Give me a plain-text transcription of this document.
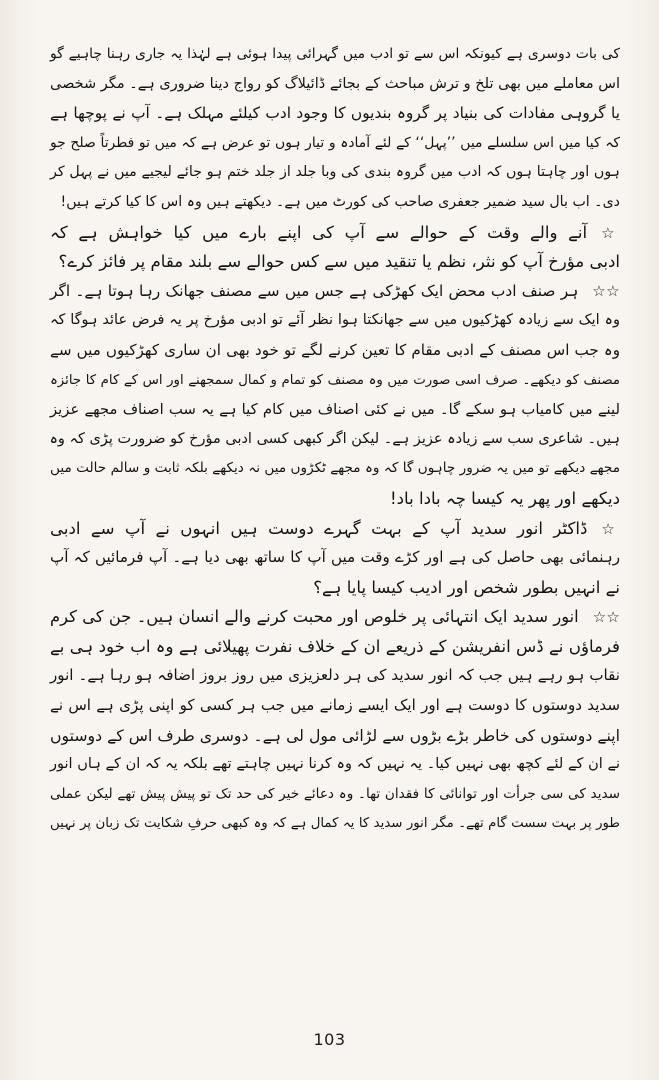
کی بات دوسری ہے کیونکہ اس سے تو ادب میں گہرائی پیدا ہوئی ہے لہٰذا یہ جاری رہنا چاہیے گو
اس معاملے میں بھی تلخ و ترش مباحث کے بجائے ڈائیلاگ کو رواج دینا ضروری ہے۔ مگر شخصی
یا گروہی مفادات کی بنیاد پر گروہ بندیوں کا وجود ادب کیلئے مہلک ہے۔ آپ نے پوچھا ہے
کہ کیا میں اس سلسلے میں ’’پہل‘‘ کے لئے آمادہ و تیار ہوں تو عرض ہے کہ میں تو فطرتاً صلح جو
ہوں اور چاہتا ہوں کہ ادب میں گروہ بندی کی وبا جلد از جلد ختم ہو جائے لیجیے میں نے پہل کر
دی۔ اب بال سید ضمیر جعفری صاحب کی کورٹ میں ہے۔ دیکھتے ہیں وہ اس کا کیا کرتے ہیں!
☆آنے والے وقت کے حوالے سے آپ کی اپنے بارے میں کیا خواہش ہے کہ
ادبی مؤرخ آپ کو نثر، نظم یا تنقید میں سے کس حوالے سے بلند مقام پر فائز کرے؟
☆☆ہر صنف ادب محض ایک کھڑکی ہے جس میں سے مصنف جھانک رہا ہوتا ہے۔ اگر
وہ ایک سے زیادہ کھڑکیوں میں سے جھانکتا ہوا نظر آئے تو ادبی مؤرخ پر یہ فرض عائد ہوگا کہ
وہ جب اس مصنف کے ادبی مقام کا تعین کرنے لگے تو خود بھی ان ساری کھڑکیوں میں سے
مصنف کو دیکھے۔ صرف اسی صورت میں وہ مصنف کو تمام و کمال سمجھنے اور اس کے کام کا جائزہ
لینے میں کامیاب ہو سکے گا۔ میں نے کئی اصناف میں کام کیا ہے یہ سب اصناف مجھے عزیز
ہیں۔ شاعری سب سے زیادہ عزیز ہے۔ لیکن اگر کبھی کسی ادبی مؤرخ کو ضرورت پڑی کہ وہ
مجھے دیکھے تو میں یہ ضرور چاہوں گا کہ وہ مجھے ٹکڑوں میں نہ دیکھے بلکہ ثابت و سالم حالت میں
دیکھے اور پھر یہ کیسا چہ بادا باد!
☆ڈاکٹر انور سدید آپ کے بہت گہرے دوست ہیں انہوں نے آپ سے ادبی
رہنمائی بھی حاصل کی ہے اور کڑے وقت میں آپ کا ساتھ بھی دیا ہے۔ آپ فرمائیں کہ آپ
نے انہیں بطور شخص اور ادیب کیسا پایا ہے؟
☆☆انور سدید ایک انتہائی پر خلوص اور محبت کرنے والے انسان ہیں۔ جن کی کرم
فرماؤں نے ڈس انفریشن کے ذریعے ان کے خلاف نفرت پھیلائی ہے وہ اب خود ہی بے
نقاب ہو رہے ہیں جب کہ انور سدید کی ہر دلعزیزی میں روز بروز اضافہ ہو رہا ہے۔ انور
سدید دوستوں کا دوست ہے اور ایک ایسے زمانے میں جب ہر کسی کو اپنی پڑی ہے اس نے
اپنے دوستوں کی خاطر بڑے بڑوں سے لڑائی مول لی ہے۔ دوسری طرف اس کے دوستوں
نے ان کے لئے کچھ بھی نہیں کیا۔ یہ نہیں کہ وہ کرنا نہیں چاہتے تھے بلکہ یہ کہ ان کے ہاں انور
سدید کی سی جرأت اور توانائی کا فقدان تھا۔ وہ دعائے خیر کی حد تک تو پیش پیش تھے لیکن عملی
طور پر بہت سست گام تھے۔ مگر انور سدید کا یہ کمال ہے کہ وہ کبھی حرفِ شکایت تک زبان پر نہیں
103
